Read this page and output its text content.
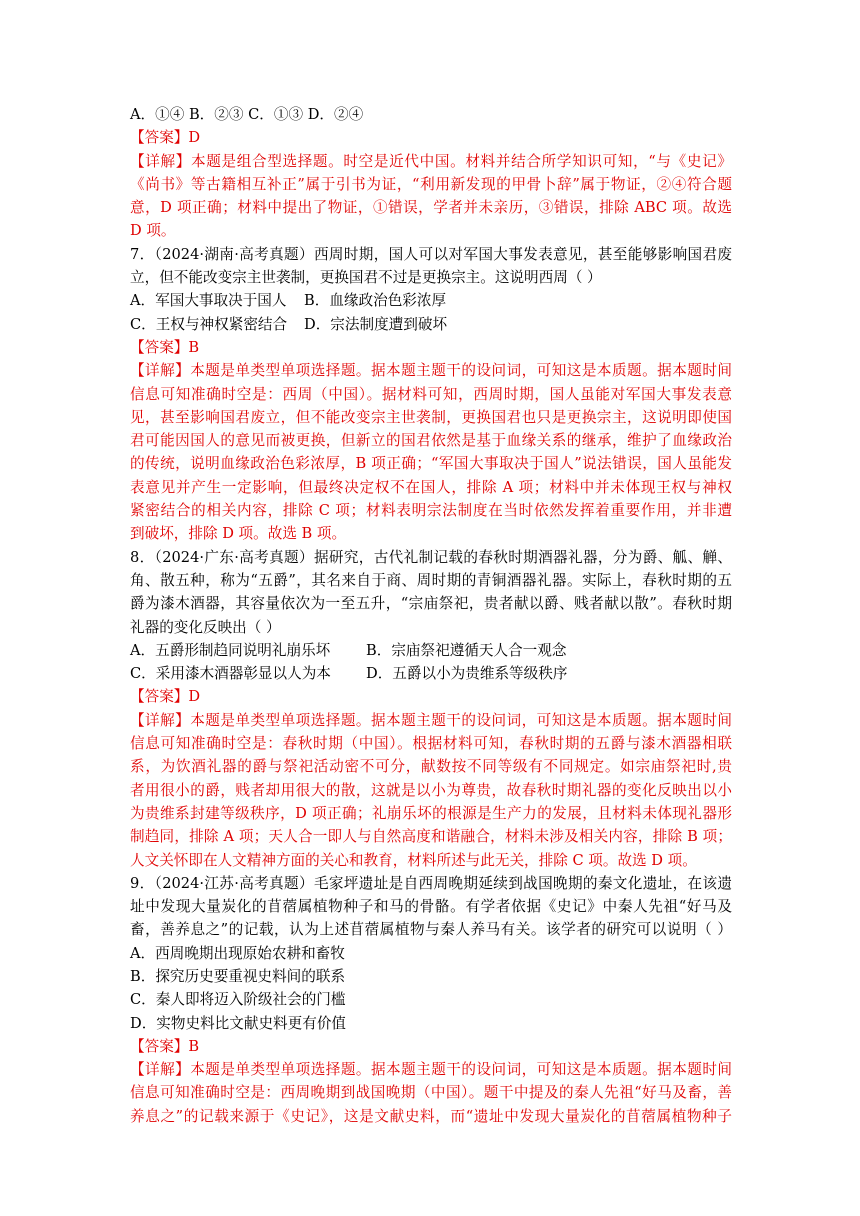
A．①④ B．②③ C．①③ D．②④
【答案】D
【详解】本题是组合型选择题。时空是近代中国。材料并结合所学知识可知，“与《史记》
《尚书》等古籍相互补正”属于引书为证，“利用新发现的甲骨卜辞”属于物证，②④符合题
意，D 项正确；材料中提出了物证，①错误，学者并未亲历，③错误，排除 ABC 项。故选
D 项。
7．（2024·湖南·高考真题）西周时期，国人可以对军国大事发表意见，甚至能够影响国君废
立，但不能改变宗主世袭制，更换国君不过是更换宗主。这说明西周（ ）
A．军国大事取决于国人 B．血缘政治色彩浓厚
C．王权与神权紧密结合 D．宗法制度遭到破坏
【答案】B
【详解】本题是单类型单项选择题。据本题主题干的设问词，可知这是本质题。据本题时间
信息可知准确时空是：西周（中国）。据材料可知，西周时期，国人虽能对军国大事发表意
见，甚至影响国君废立，但不能改变宗主世袭制，更换国君也只是更换宗主，这说明即使国
君可能因国人的意见而被更换，但新立的国君依然是基于血缘关系的继承，维护了血缘政治
的传统，说明血缘政治色彩浓厚，B 项正确；“军国大事取决于国人”说法错误，国人虽能发
表意见并产生一定影响，但最终决定权不在国人，排除 A 项；材料中并未体现王权与神权
紧密结合的相关内容，排除 C 项；材料表明宗法制度在当时依然发挥着重要作用，并非遭
到破坏，排除 D 项。故选 B 项。
8．（2024·广东·高考真题）据研究，古代礼制记载的春秋时期酒器礼器，分为爵、觚、觯、
角、散五种，称为“五爵”，其名来自于商、周时期的青铜酒器礼器。实际上，春秋时期的五
爵为漆木酒器，其容量依次为一至五升，“宗庙祭祀，贵者献以爵、贱者献以散”。春秋时期
礼器的变化反映出（ ）
A．五爵形制趋同说明礼崩乐坏 B．宗庙祭祀遵循天人合一观念
C．采用漆木酒器彰显以人为本 D．五爵以小为贵维系等级秩序
【答案】D
【详解】本题是单类型单项选择题。据本题主题干的设问词，可知这是本质题。据本题时间
信息可知准确时空是：春秋时期（中国）。根据材料可知，春秋时期的五爵与漆木酒器相联
系，为饮酒礼器的爵与祭祀活动密不可分，献数按不同等级有不同规定。如宗庙祭祀时,贵
者用很小的爵，贱者却用很大的散，这就是以小为尊贵，故春秋时期礼器的变化反映出以小
为贵维系封建等级秩序，D 项正确；礼崩乐坏的根源是生产力的发展，且材料未体现礼器形
制趋同，排除 A 项；天人合一即人与自然高度和谐融合，材料未涉及相关内容，排除 B 项；
人文关怀即在人文精神方面的关心和教育，材料所述与此无关，排除 C 项。故选 D 项。
9．（2024·江苏·高考真题）毛家坪遗址是自西周晚期延续到战国晚期的秦文化遗址，在该遗
址中发现大量炭化的苜蓿属植物种子和马的骨骼。有学者依据《史记》中秦人先祖“好马及
畜，善养息之”的记载，认为上述苜蓿属植物与秦人养马有关。该学者的研究可以说明（ ）
A．西周晚期出现原始农耕和畜牧
B．探究历史要重视史料间的联系
C．秦人即将迈入阶级社会的门槛
D．实物史料比文献史料更有价值
【答案】B
【详解】本题是单类型单项选择题。据本题主题干的设问词，可知这是本质题。据本题时间
信息可知准确时空是：西周晚期到战国晚期（中国）。题干中提及的秦人先祖“好马及畜，善
养息之”的记载来源于《史记》，这是文献史料，而“遗址中发现大量炭化的苜蓿属植物种子
